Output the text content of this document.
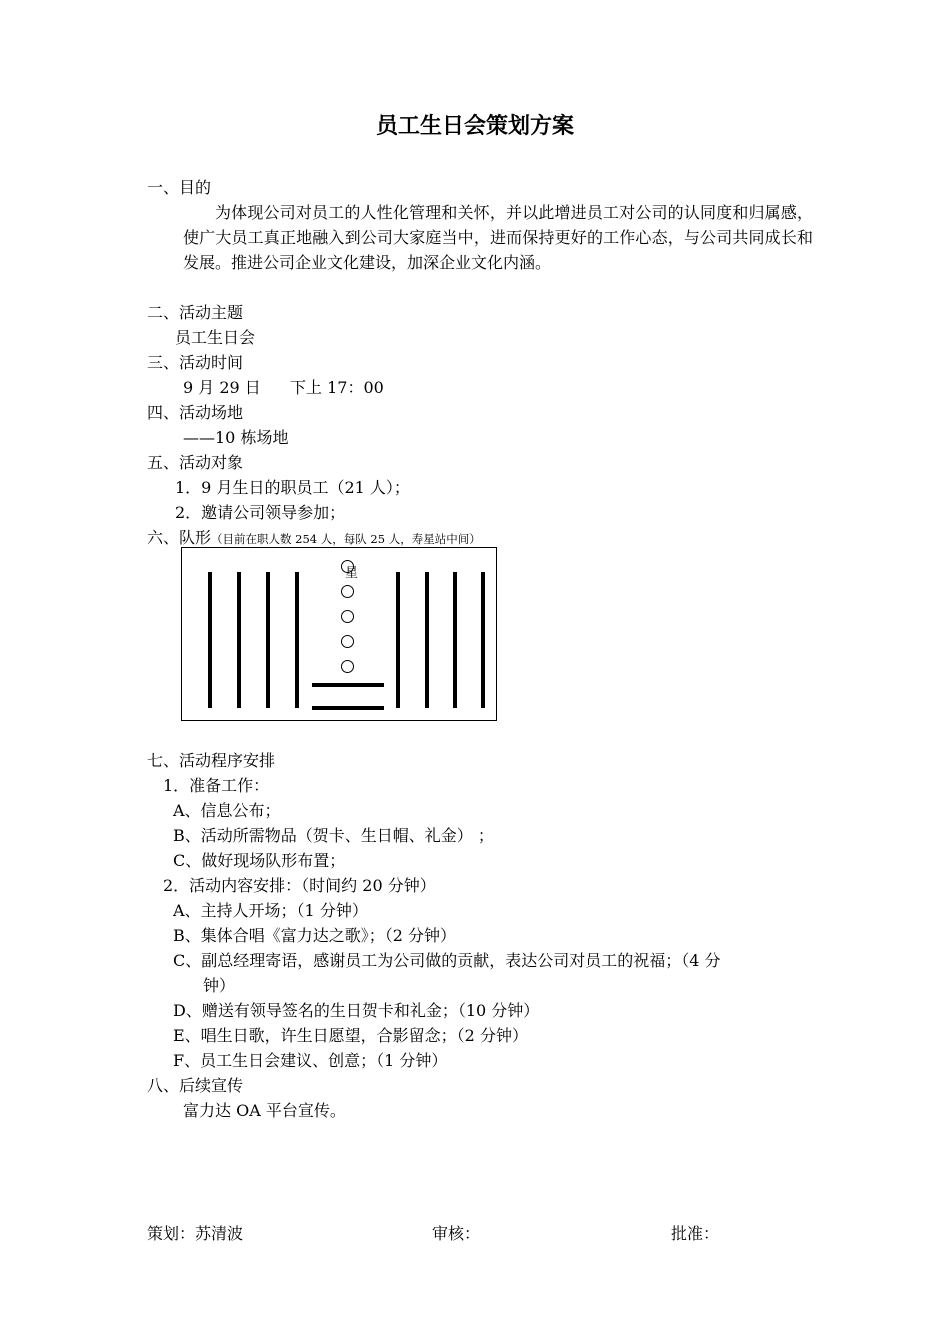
员工生日会策划方案
一、目的
为体现公司对员工的人性化管理和关怀，并以此增进员工对公司的认同度和归属感，使广大员工真正地融入到公司大家庭当中，进而保持更好的工作心态，与公司共同成长和发展。推进公司企业文化建设，加深企业文化内涵。
二、活动主题
员工生日会
三、活动时间
9 月 29 日 下上 17：00
四、活动场地
——10 栋场地
五、活动对象
1．9 月生日的职员工（21 人）；
2．邀请公司领导参加；
六、队形（目前在职人数 254 人，每队 25 人，寿星站中间）
星
七、活动程序安排
1．准备工作：
A、信息公布；
B、活动所需物品（贺卡、生日帽、礼金） ；
C、做好现场队形布置；
2．活动内容安排：（时间约 20 分钟）
A、主持人开场；（1 分钟）
B、集体合唱《富力达之歌》；（2 分钟）
C、副总经理寄语，感谢员工为公司做的贡献，表达公司对员工的祝福；（4 分
钟）
D、赠送有领导签名的生日贺卡和礼金；（10 分钟）
E、唱生日歌，许生日愿望，合影留念；（2 分钟）
F、员工生日会建议、创意；（1 分钟）
八、后续宣传
富力达 OA 平台宣传。
策划：苏清波	审核：	批准：
